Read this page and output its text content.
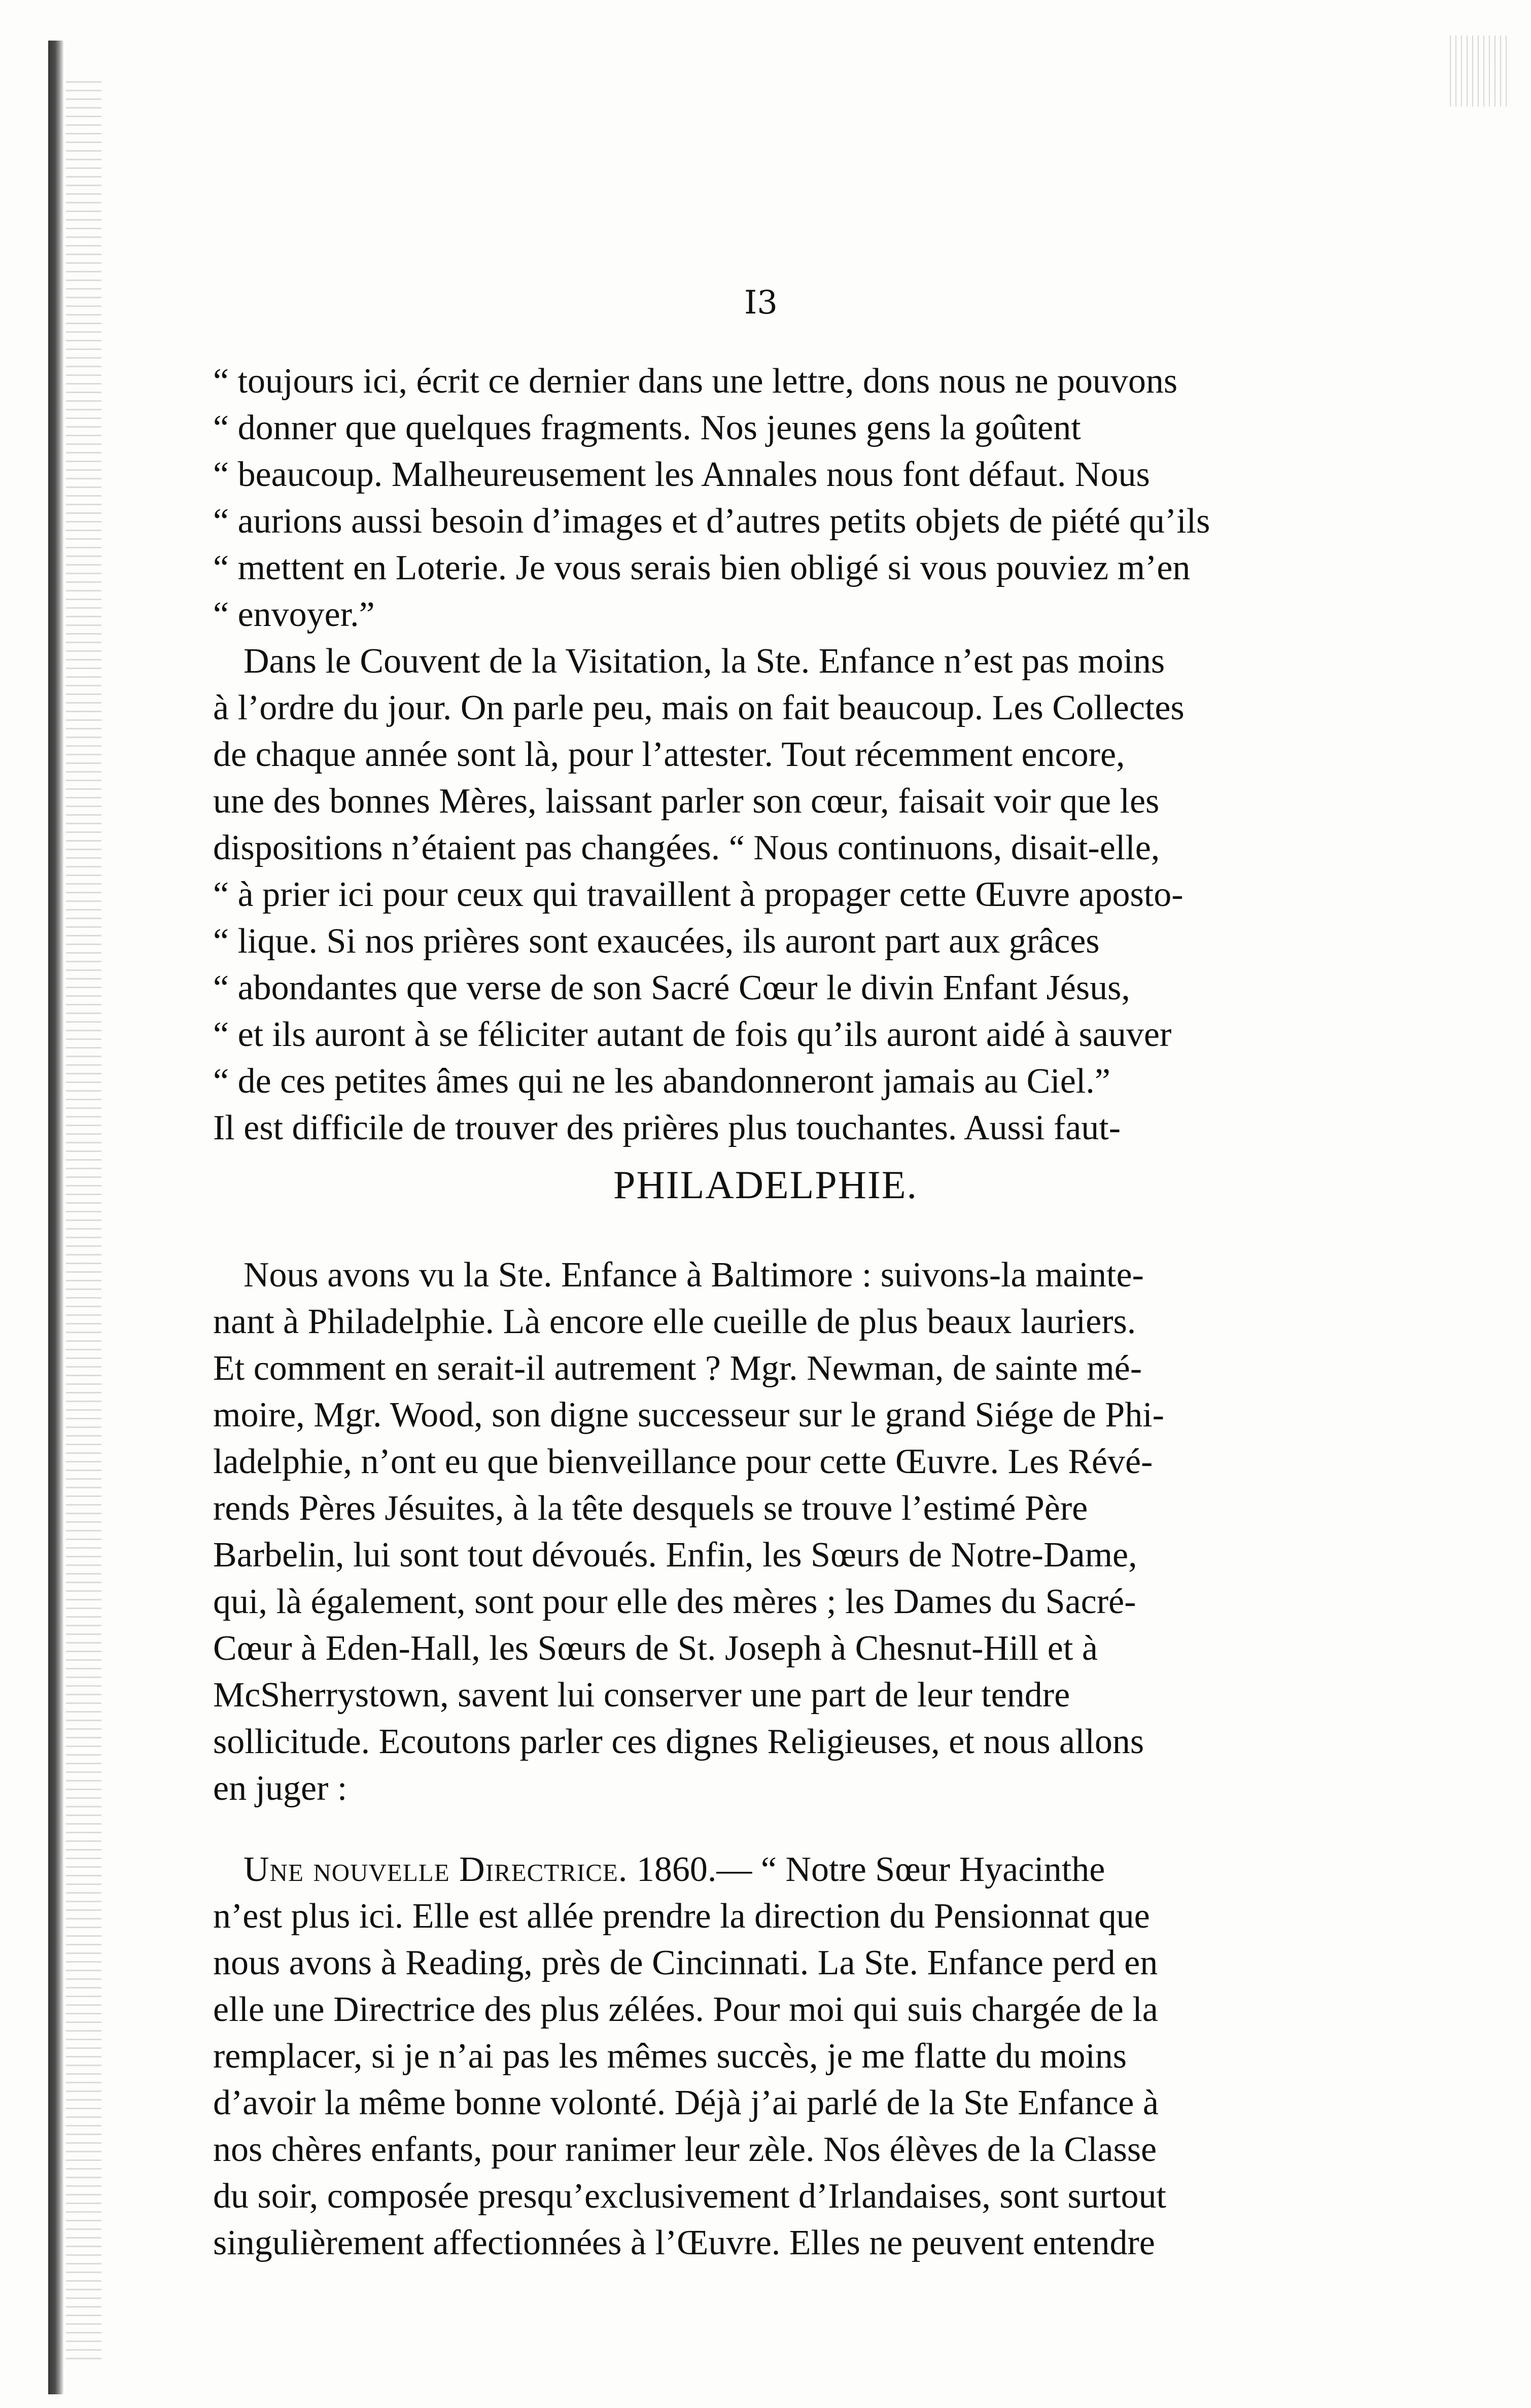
I3
“ toujours ici, écrit ce dernier dans une lettre, dons nous ne pouvons
“ donner que quelques fragments. Nos jeunes gens la goûtent
“ beaucoup. Malheureusement les Annales nous font défaut. Nous
“ aurions aussi besoin d’images et d’autres petits objets de piété qu’ils
“ mettent en Loterie. Je vous serais bien obligé si vous pouviez m’en
“ envoyer.”
Dans le Couvent de la Visitation, la Ste. Enfance n’est pas moins
à l’ordre du jour. On parle peu, mais on fait beaucoup. Les Collectes
de chaque année sont là, pour l’attester. Tout récemment encore,
une des bonnes Mères, laissant parler son cœur, faisait voir que les
dispositions n’étaient pas changées. “ Nous continuons, disait-elle,
“ à prier ici pour ceux qui travaillent à propager cette Œuvre aposto-
“ lique. Si nos prières sont exaucées, ils auront part aux grâces
“ abondantes que verse de son Sacré Cœur le divin Enfant Jésus,
“ et ils auront à se féliciter autant de fois qu’ils auront aidé à sauver
“ de ces petites âmes qui ne les abandonneront jamais au Ciel.”
Il est difficile de trouver des prières plus touchantes. Aussi faut-
PHILADELPHIE.
Nous avons vu la Ste. Enfance à Baltimore : suivons-la mainte-
nant à Philadelphie. Là encore elle cueille de plus beaux lauriers.
Et comment en serait-il autrement ? Mgr. Newman, de sainte mé-
moire, Mgr. Wood, son digne successeur sur le grand Siége de Phi-
ladelphie, n’ont eu que bienveillance pour cette Œuvre. Les Révé-
rends Pères Jésuites, à la tête desquels se trouve l’estimé Père
Barbelin, lui sont tout dévoués. Enfin, les Sœurs de Notre-Dame,
qui, là également, sont pour elle des mères ; les Dames du Sacré-
Cœur à Eden-Hall, les Sœurs de St. Joseph à Chesnut-Hill et à
McSherrystown, savent lui conserver une part de leur tendre
sollicitude. Ecoutons parler ces dignes Religieuses, et nous allons
en juger :
Une nouvelle Directrice. 1860.— “ Notre Sœur Hyacinthe
n’est plus ici. Elle est allée prendre la direction du Pensionnat que
nous avons à Reading, près de Cincinnati. La Ste. Enfance perd en
elle une Directrice des plus zélées. Pour moi qui suis chargée de la
remplacer, si je n’ai pas les mêmes succès, je me flatte du moins
d’avoir la même bonne volonté. Déjà j’ai parlé de la Ste Enfance à
nos chères enfants, pour ranimer leur zèle. Nos élèves de la Classe
du soir, composée presqu’exclusivement d’Irlandaises, sont surtout
singulièrement affectionnées à l’Œuvre. Elles ne peuvent entendre
